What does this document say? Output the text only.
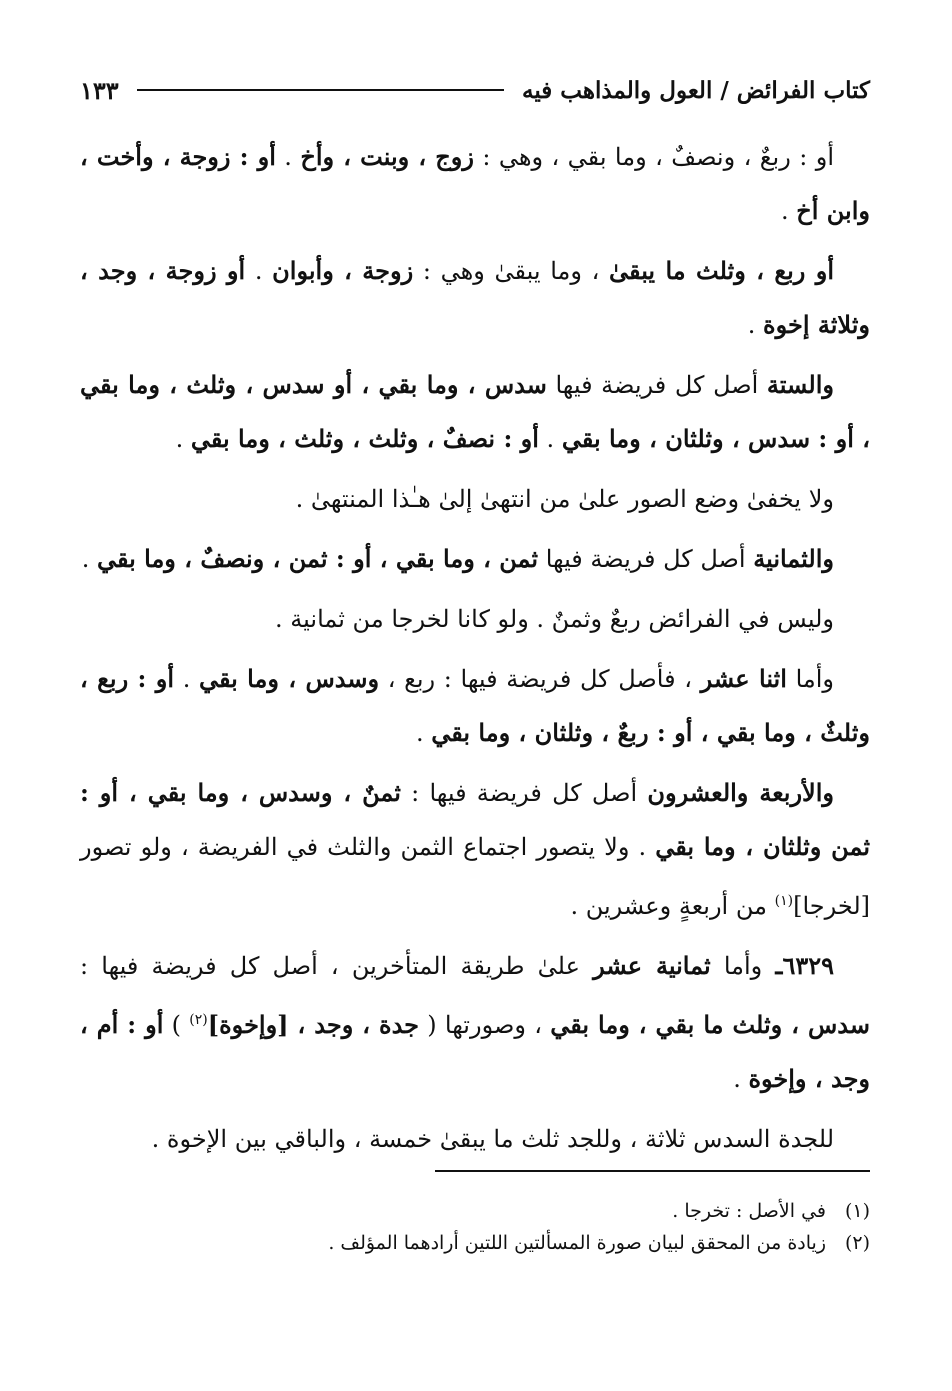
كتاب الفرائض / العول والمذاهب فيه
١٣٣

أو : ربعٌ ، ونصفٌ ، وما بقي ، وهي : زوج ، وبنت ، وأخ . أو : زوجة ، وأخت ، وابن أخ .

أو ربع ، وثلث ما يبقىٰ ، وما يبقىٰ وهي : زوجة ، وأبوان . أو زوجة ، وجد ، وثلاثة إخوة .

والستة أصل كل فريضة فيها سدس ، وما بقي ، أو سدس ، وثلث ، وما بقي ، أو : سدس ، وثلثان ، وما بقي . أو : نصفٌ ، وثلث ، وثلث ، وما بقي .

ولا يخفىٰ وضع الصور علىٰ من انتهىٰ إلىٰ هـٰذا المنتهىٰ .

والثمانية أصل كل فريضة فيها ثمن ، وما بقي ، أو : ثمن ، ونصفٌ ، وما بقي .

وليس في الفرائض ربعٌ وثمنٌ . ولو كانا لخرجا من ثمانية .

وأما اثنا عشر ، فأصل كل فريضة فيها : ربع ، وسدس ، وما بقي . أو : ربع ، وثلثٌ ، وما بقي ، أو : ربعٌ ، وثلثان ، وما بقي .

والأربعة والعشرون أصل كل فريضة فيها : ثمنٌ ، وسدس ، وما بقي ، أو : ثمن وثلثان ، وما بقي . ولا يتصور اجتماع الثمن والثلث في الفريضة ، ولو تصور [لخرجا]$^{(١)}$ من أربعةٍ وعشرين .

٦٣٢٩ـ وأما ثمانية عشر علىٰ طريقة المتأخرين ، أصل كل فريضة فيها : سدس ، وثلث ما بقي ، وما بقي ، وصورتها ( جدة ، وجد ، [وإخوة]$^{(٢)}$ ) أو : أم ، وجد ، وإخوة .

للجدة السدس ثلاثة ، وللجد ثلث ما يبقىٰ خمسة ، والباقي بين الإخوة .

(١)في الأصل : تخرجا .

(٢)زيادة من المحقق لبيان صورة المسألتين اللتين أرادهما المؤلف .
